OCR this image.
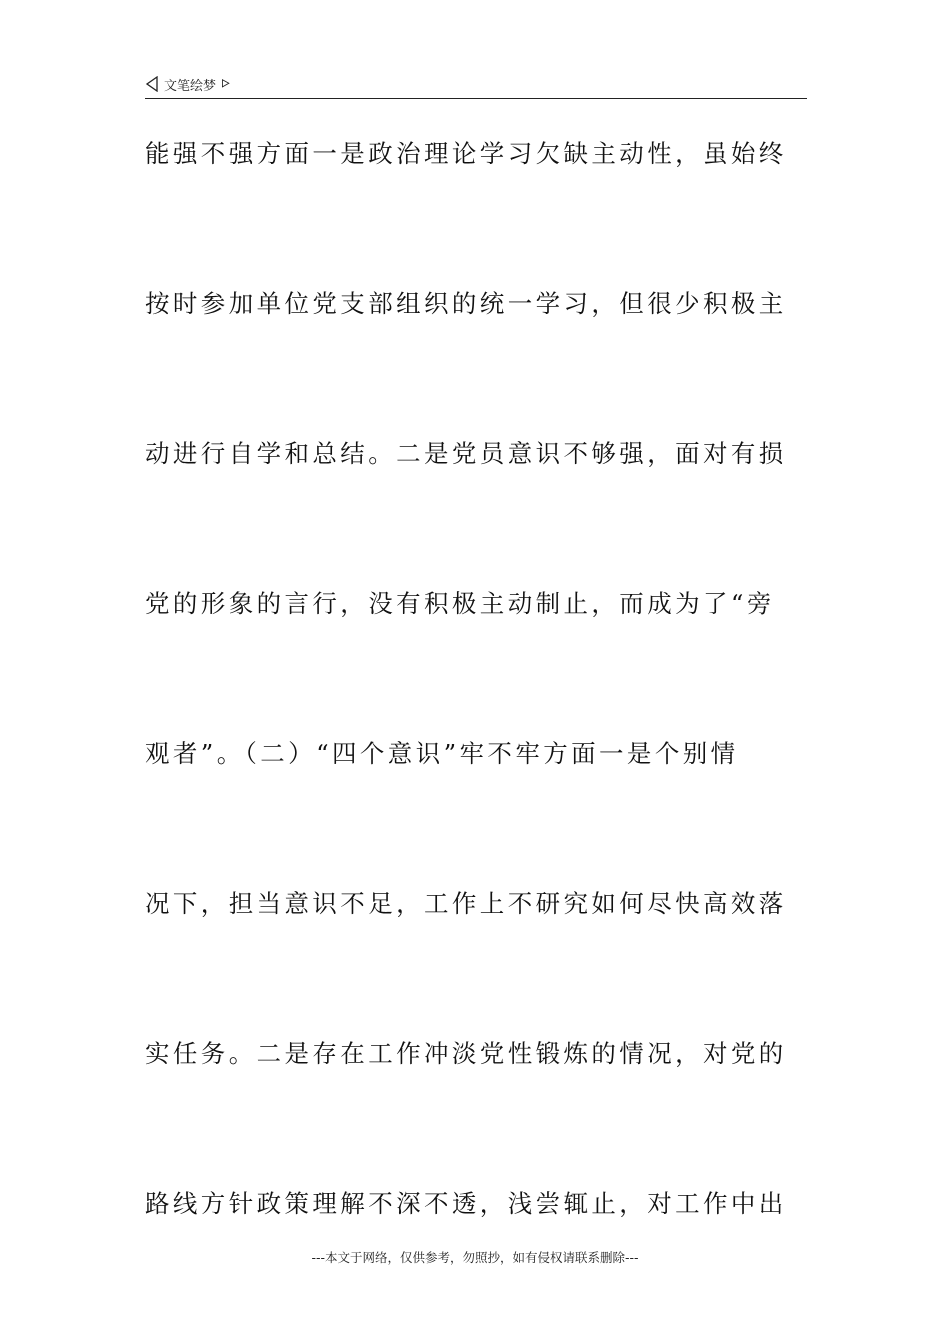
文笔绘梦
能强不强方面一是政治理论学习欠缺主动性，虽始终
按时参加单位党支部组织的统一学习，但很少积极主
动进行自学和总结。二是党员意识不够强，面对有损
党的形象的言行，没有积极主动制止，而成为了“旁
观者”。（二）“四个意识”牢不牢方面一是个别情
况下，担当意识不足，工作上不研究如何尽快高效落
实任务。二是存在工作冲淡党性锻炼的情况，对党的
路线方针政策理解不深不透，浅尝辄止，对工作中出
---本文于网络，仅供参考，勿照抄，如有侵权请联系删除---
